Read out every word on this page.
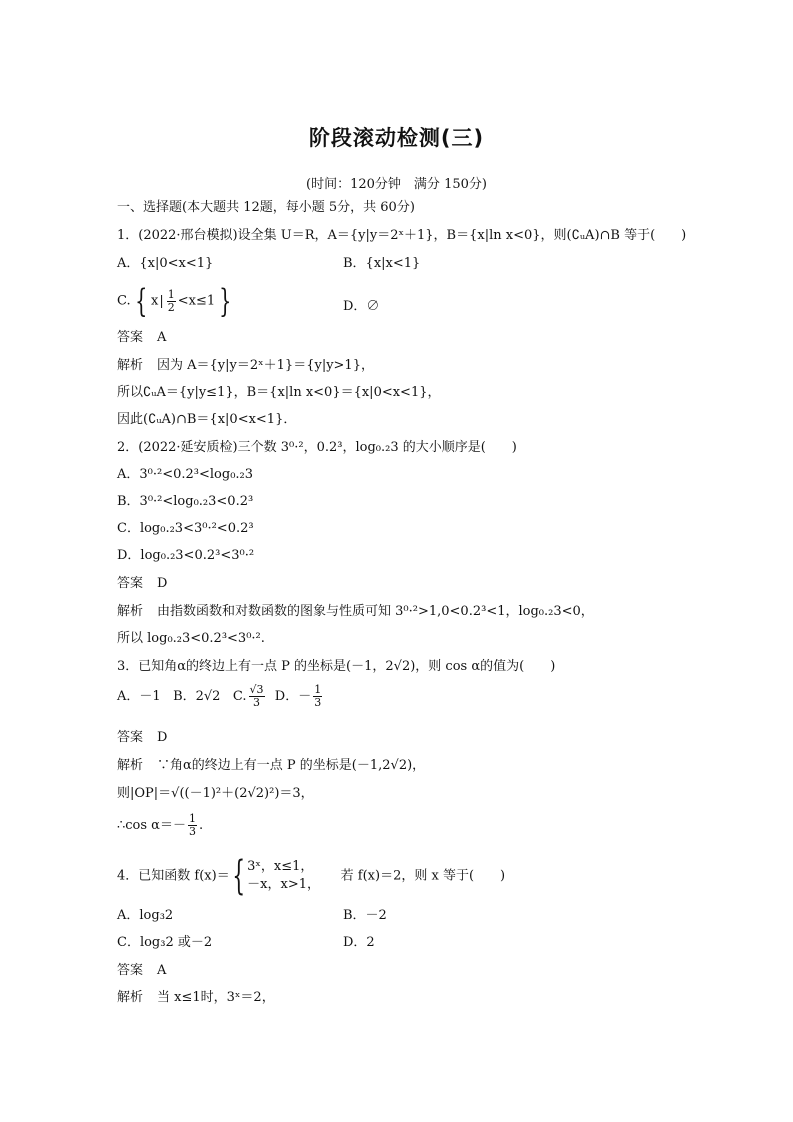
阶段滚动检测(三)
(时间：120分钟　满分 150分)
一、选择题(本大题共 12题，每小题 5分，共 60分)
1．(2022·邢台模拟)设全集 U＝R，A＝{y|y＝2ˣ＋1}，B＝{x|ln x<0}，则(∁ᵤA)∩B 等于(　　)
A．{x|0<x<1}	B．{x|x<1}
C. { $x| \frac{1}{2} <x\le 1$ }	D．∅
答案 A
解析 因为 A＝{y|y＝2ˣ＋1}＝{y|y>1}，
所以∁ᵤA＝{y|y≤1}，B＝{x|ln x<0}＝{x|0<x<1}，
因此(∁ᵤA)∩B＝{x|0<x<1}．
2．(2022·延安质检)三个数 3⁰·²，0.2³，log₀.₂3 的大小顺序是(　　)
A．3⁰·²<0.2³<log₀.₂3
B．3⁰·²<log₀.₂3<0.2³
C．log₀.₂3<3⁰·²<0.2³
D．log₀.₂3<0.2³<3⁰·²
答案 D
解析 由指数函数和对数函数的图象与性质可知 3⁰·²>1,0<0.2³<1，log₀.₂3<0，
所以 log₀.₂3<0.2³<3⁰·².
3．已知角α的终边上有一点 P 的坐标是(－1，2√2)，则 cos α的值为(　　)
A．－1 B．2√2 C. $\frac{√3}{3}$ D．－ $\frac{1}{3}$
答案 D
解析 ∵角α的终边上有一点 P 的坐标是(－1,2√2)，
则|OP|＝√((－1)²＋(2√2)²)＝3，
∴cos $\alpha=- \frac{1}{3}$ .
4．已知函数 f(x)＝{ 3ˣ，x≤1，
－x，x>1，
若 f(x)＝2，则 x 等于(　　)
A．log₃2	B．－2
C．log₃2 或－2	D．2
答案 A
解析 当 x≤1时，3ˣ＝2，
